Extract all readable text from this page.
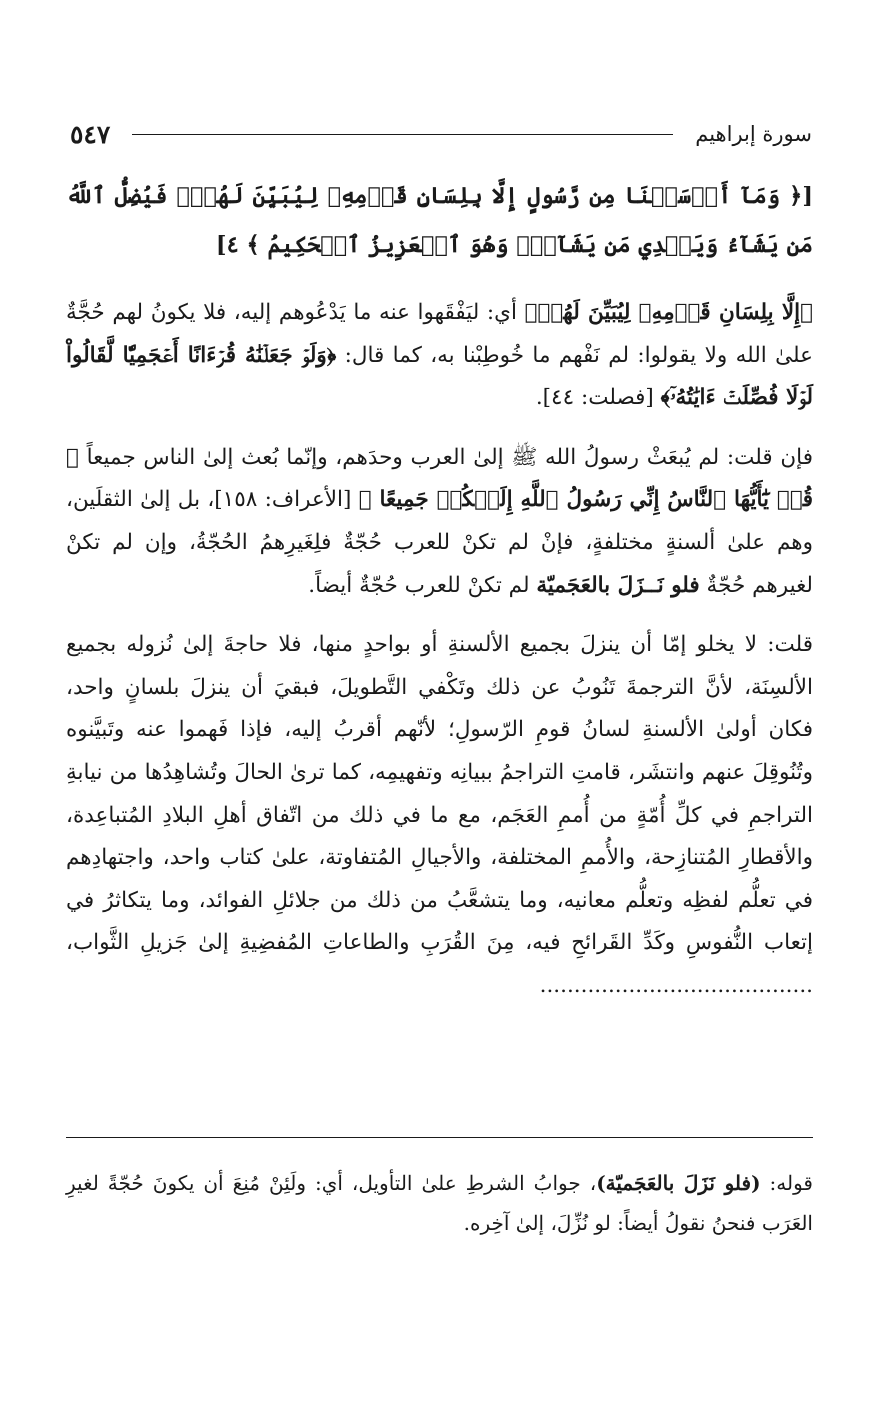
٥٤٧	سورة إبراهيم

[﴿ وَمَآ أَرۡسَلۡنَا مِن رَّسُولٍ إِلَّا بِلِسَانِ قَوۡمِهِۦ لِيُبَيِّنَ لَهُمۡۖ فَيُضِلُّ ٱللَّهُ مَن يَشَآءُ وَيَهۡدِي مَن يَشَآءُۚ وَهُوَ ٱلۡعَزِيزُ ٱلۡحَكِيمُ ﴾ ٤]

﴿إِلَّا بِلِسَانِ قَوۡمِهِۦ لِيُبَيِّنَ لَهُمۡ﴾ أي: ليَفْقَهوا عنه ما يَدْعُوهم إليه، فلا يكونُ لهم حُجَّةٌ علىٰ الله ولا يقولوا: لم نَفْهم ما خُوطِبْنا به، كما قال: ﴿وَلَوۡ جَعَلۡنَٰهُ قُرۡءَانًا أَعۡجَمِيّٗا لَّقَالُواْ لَوۡلَا فُصِّلَتۡ ءَايَٰتُهُۥٓ﴾ [فصلت: ٤٤].

فإن قلت: لم يُبعَثْ رسولُ الله ﷺ إلىٰ العرب وحدَهم، وإنّما بُعث إلىٰ الناس جميعاً ﴿ قُلۡ يَٰٓأَيُّهَا ٱلنَّاسُ إِنِّي رَسُولُ ٱللَّهِ إِلَيۡكُمۡ جَمِيعًا ﴾ [الأعراف: ١٥٨]، بل إلىٰ الثقلَين، وهم علىٰ ألسنةٍ مختلفةٍ، فإنْ لم تكنْ للعرب حُجّةٌ فلِغَيرِهمُ الحُجّةُ، وإن لم تكنْ لغيرهم حُجّةٌ فلو نَــزَلَ بالعَجَميّة لم تكنْ للعرب حُجّةٌ أيضاً.

قلت: لا يخلو إمّا أن ينزلَ بجميع الألسنةِ أو بواحدٍ منها، فلا حاجةَ إلىٰ نُزوله بجميع الألسِنَة، لأنَّ الترجمةَ تَنُوبُ عن ذلك وتَكْفي التَّطويلَ، فبقيَ أن ينزلَ بلسانٍ واحد، فكان أولىٰ الألسنةِ لسانُ قومِ الرّسولِ؛ لأنّهم أقربُ إليه، فإذا فَهموا عنه وتَبيَّنوه وتُنُوقِلَ عنهم وانتشَر، قامتِ التراجمُ ببيانِه وتفهيمِه، كما ترىٰ الحالَ وتُشاهِدُها من نيابةِ التراجمِ في كلِّ أُمّةٍ من أُممِ العَجَم، مع ما في ذلك من اتّفاق أهلِ البلادِ المُتباعِدة، والأقطارِ المُتنازِحة، والأُممِ المختلفة، والأجيالِ المُتفاوتة، علىٰ كتاب واحد، واجتهادِهم في تعلُّم لفظِه وتعلُّم معانيه، وما يتشعَّبُ من ذلك من جلائلِ الفوائد، وما يتكاثرُ في إتعاب النُّفوسِ وكَدِّ القَرائحِ فيه، مِنَ القُرَبِ والطاعاتِ المُفضِيةِ إلىٰ جَزيلِ الثَّواب، ........................................

قوله: (فلو نَزَلَ بالعَجَميّة)، جوابُ الشرطِ علىٰ التأويل، أي: ولَئِنْ مُنِعَ أن يكونَ حُجّةً لغيرِ العَرَب فنحنُ نقولُ أيضاً: لو نُزِّلَ، إلىٰ آخِره.
